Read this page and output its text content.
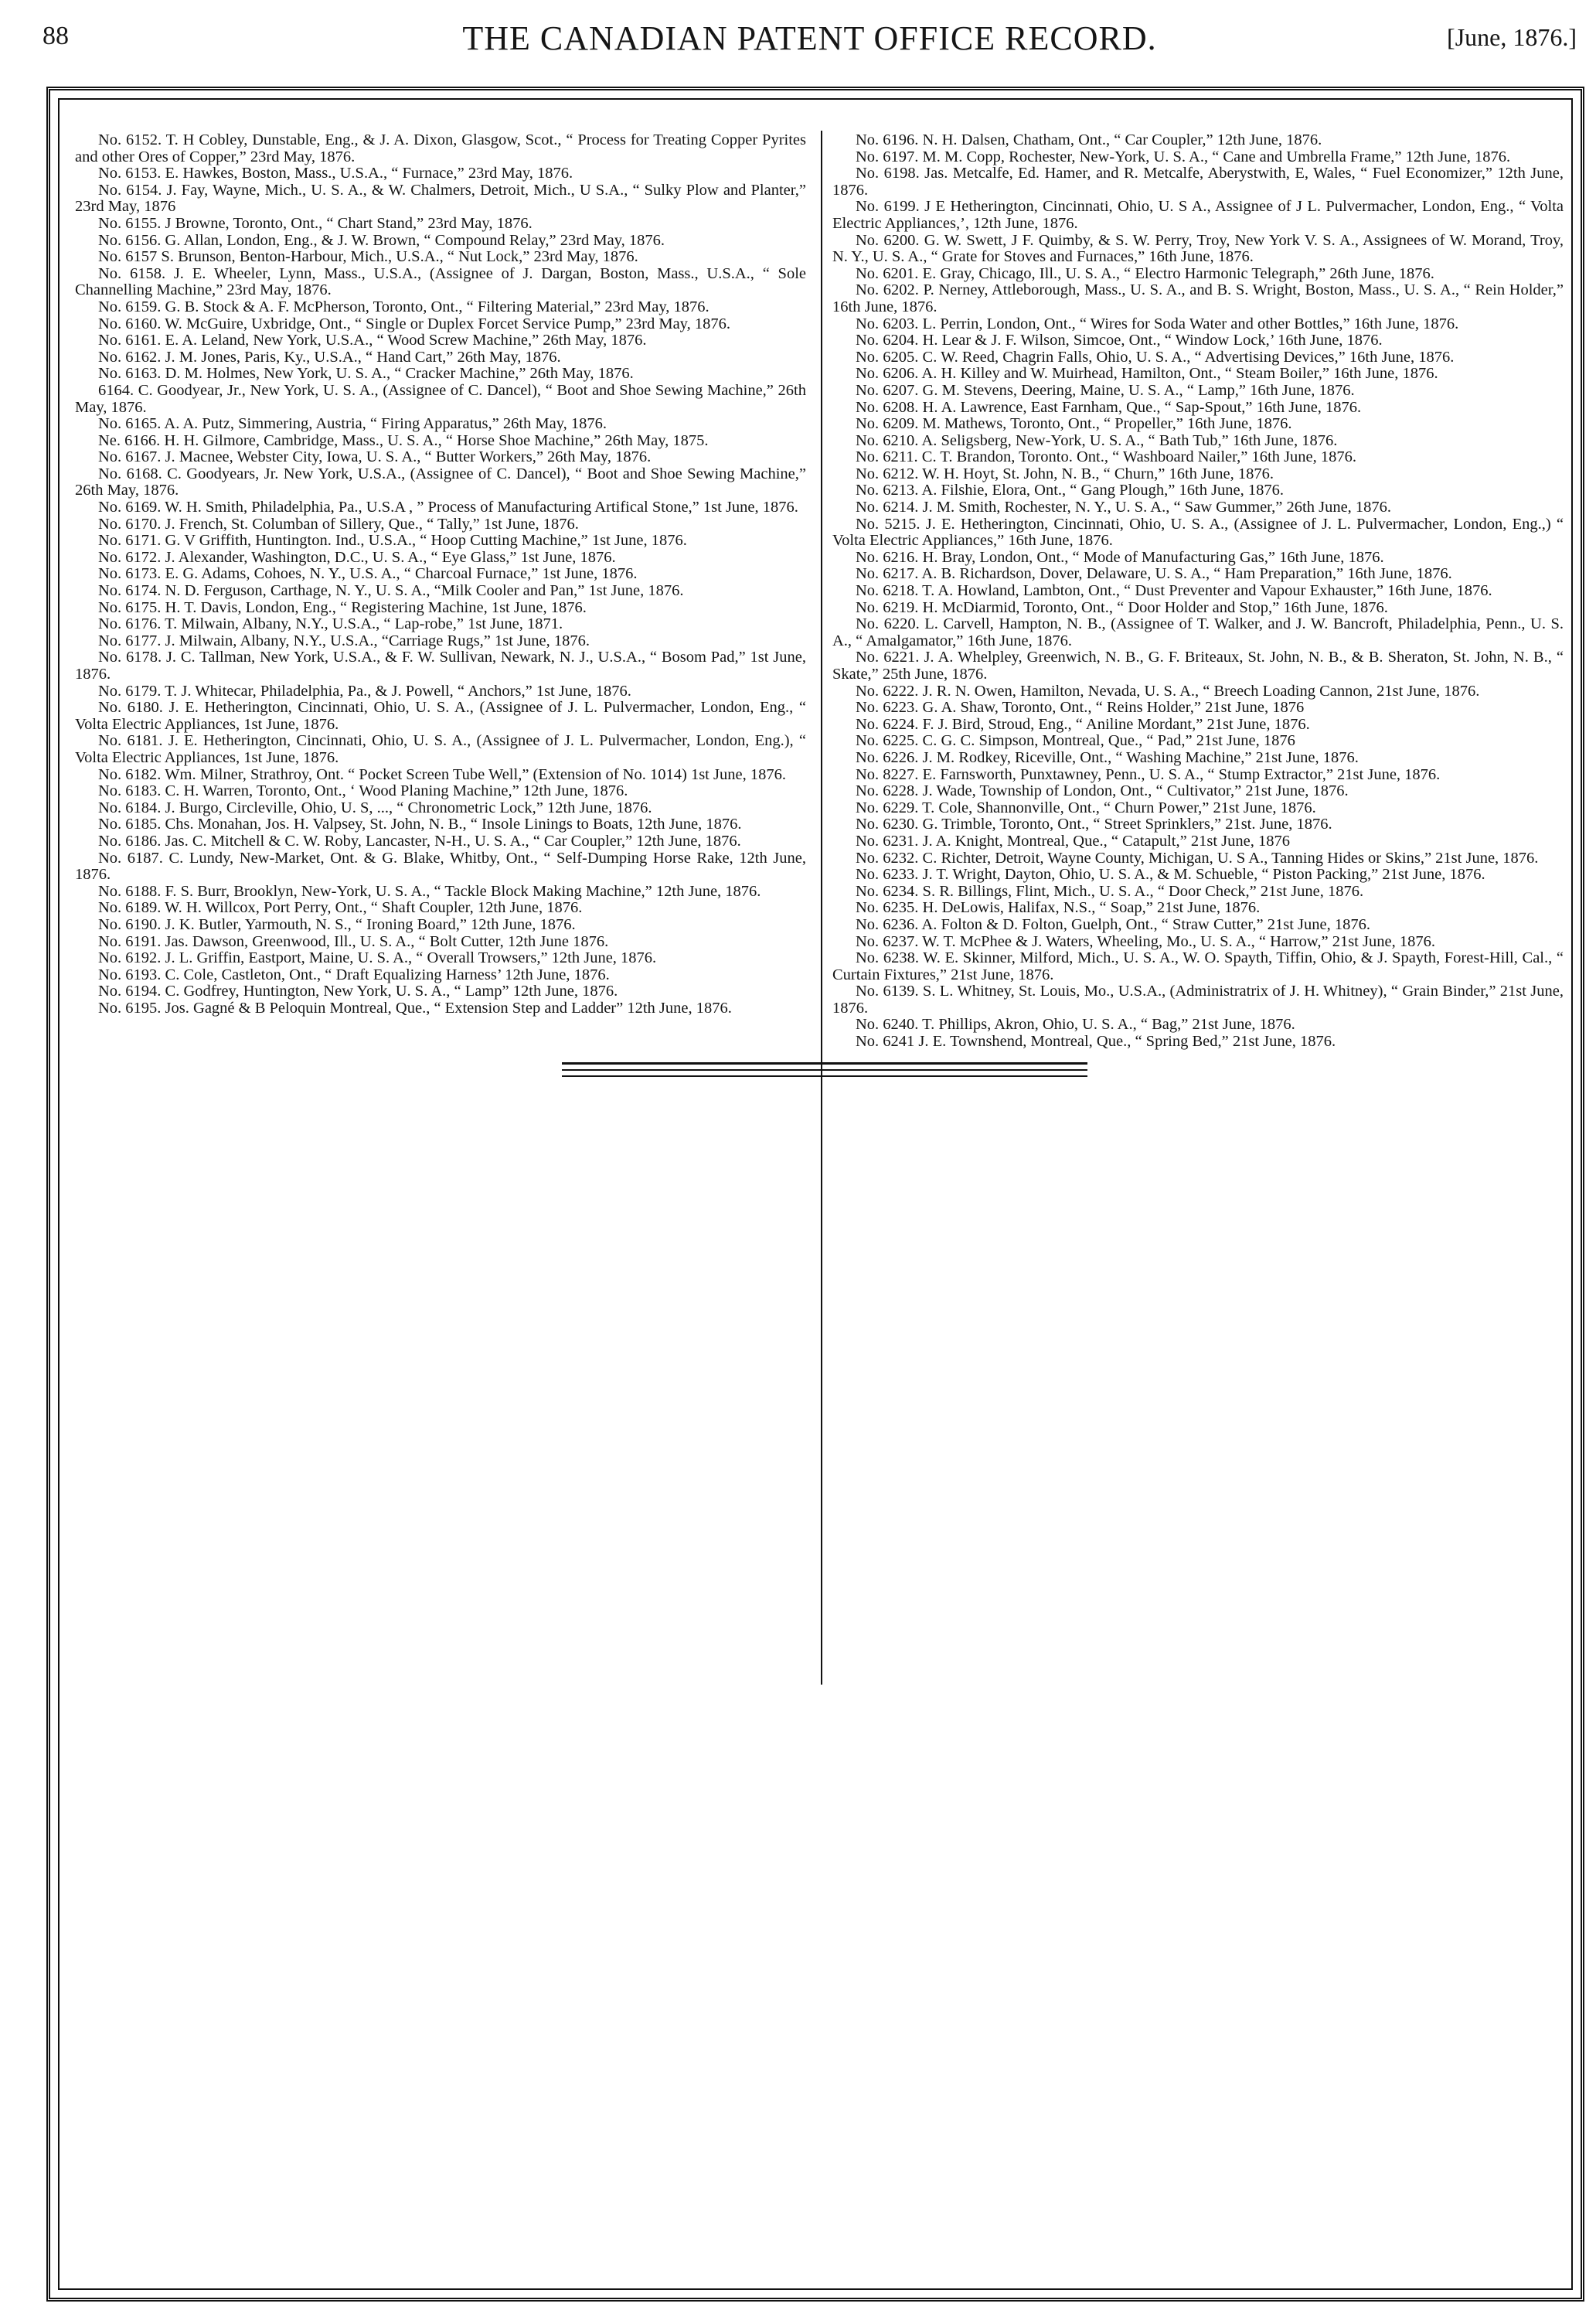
88	THE CANADIAN PATENT OFFICE RECORD.	[June, 1876.]

No. 6152. T. H Cobley, Dunstable, Eng., & J. A. Dixon, Glasgow, Scot., “ Process for Treating Copper Pyrites and other Ores of Copper,” 23rd May, 1876.

No. 6153. E. Hawkes, Boston, Mass., U.S.A., “ Furnace,” 23rd May, 1876.

No. 6154. J. Fay, Wayne, Mich., U. S. A., & W. Chalmers, Detroit, Mich., U S.A., “ Sulky Plow and Planter,” 23rd May, 1876

No. 6155. J Browne, Toronto, Ont., “ Chart Stand,” 23rd May, 1876.

No. 6156. G. Allan, London, Eng., & J. W. Brown, “ Compound Relay,” 23rd May, 1876.

No. 6157 S. Brunson, Benton-Harbour, Mich., U.S.A., “ Nut Lock,” 23rd May, 1876.

No. 6158. J. E. Wheeler, Lynn, Mass., U.S.A., (Assignee of J. Dargan, Boston, Mass., U.S.A., “ Sole Channelling Machine,” 23rd May, 1876.

No. 6159. G. B. Stock & A. F. McPherson, Toronto, Ont., “ Filtering Material,” 23rd May, 1876.

No. 6160. W. McGuire, Uxbridge, Ont., “ Single or Duplex Forcet Service Pump,” 23rd May, 1876.

No. 6161. E. A. Leland, New York, U.S.A., “ Wood Screw Machine,” 26th May, 1876.

No. 6162. J. M. Jones, Paris, Ky., U.S.A., “ Hand Cart,” 26th May, 1876.

No. 6163. D. M. Holmes, New York, U. S. A., “ Cracker Machine,” 26th May, 1876.

6164. C. Goodyear, Jr., New York, U. S. A., (Assignee of C. Dancel), “ Boot and Shoe Sewing Machine,” 26th May, 1876.

No. 6165. A. A. Putz, Simmering, Austria, “ Firing Apparatus,” 26th May, 1876.

Ne. 6166. H. H. Gilmore, Cambridge, Mass., U. S. A., “ Horse Shoe Machine,” 26th May, 1875.

No. 6167. J. Macnee, Webster City, Iowa, U. S. A., “ Butter Workers,” 26th May, 1876.

No. 6168. C. Goodyears, Jr. New York, U.S.A., (Assignee of C. Dancel), “ Boot and Shoe Sewing Machine,” 26th May, 1876.

No. 6169. W. H. Smith, Philadelphia, Pa., U.S.A , ” Process of Manufacturing Artifical Stone,” 1st June, 1876.

No. 6170. J. French, St. Columban of Sillery, Que., “ Tally,” 1st June, 1876.

No. 6171. G. V Griffith, Huntington. Ind., U.S.A., “ Hoop Cutting Machine,” 1st June, 1876.

No. 6172. J. Alexander, Washington, D.C., U. S. A., “ Eye Glass,” 1st June, 1876.

No. 6173. E. G. Adams, Cohoes, N. Y., U.S. A., “ Charcoal Furnace,” 1st June, 1876.

No. 6174. N. D. Ferguson, Carthage, N. Y., U. S. A., “Milk Cooler and Pan,” 1st June, 1876.

No. 6175. H. T. Davis, London, Eng., “ Registering Machine, 1st June, 1876.

No. 6176. T. Milwain, Albany, N.Y., U.S.A., “ Lap-robe,” 1st June, 1871.

No. 6177. J. Milwain, Albany, N.Y., U.S.A., “Carriage Rugs,” 1st June, 1876.

No. 6178. J. C. Tallman, New York, U.S.A., & F. W. Sullivan, Newark, N. J., U.S.A., “ Bosom Pad,” 1st June, 1876.

No. 6179. T. J. Whitecar, Philadelphia, Pa., & J. Powell, “ Anchors,” 1st June, 1876.

No. 6180. J. E. Hetherington, Cincinnati, Ohio, U. S. A., (Assignee of J. L. Pulvermacher, London, Eng., “ Volta Electric Appliances, 1st June, 1876.

No. 6181. J. E. Hetherington, Cincinnati, Ohio, U. S. A., (Assignee of J. L. Pulvermacher, London, Eng.), “ Volta Electric Appliances, 1st June, 1876.

No. 6182. Wm. Milner, Strathroy, Ont. “ Pocket Screen Tube Well,” (Extension of No. 1014) 1st June, 1876.

No. 6183. C. H. Warren, Toronto, Ont., ‘ Wood Planing Machine,” 12th June, 1876.

No. 6184. J. Burgo, Circleville, Ohio, U. S, ..., “ Chronometric Lock,” 12th June, 1876.

No. 6185. Chs. Monahan, Jos. H. Valpsey, St. John, N. B., “ Insole Linings to Boats, 12th June, 1876.

No. 6186. Jas. C. Mitchell & C. W. Roby, Lancaster, N-H., U. S. A., “ Car Coupler,” 12th June, 1876.

No. 6187. C. Lundy, New-Market, Ont. & G. Blake, Whitby, Ont., “ Self-Dumping Horse Rake, 12th June, 1876.

No. 6188. F. S. Burr, Brooklyn, New-York, U. S. A., “ Tackle Block Making Machine,” 12th June, 1876.

No. 6189. W. H. Willcox, Port Perry, Ont., “ Shaft Coupler, 12th June, 1876.

No. 6190. J. K. Butler, Yarmouth, N. S., “ Ironing Board,” 12th June, 1876.

No. 6191. Jas. Dawson, Greenwood, Ill., U. S. A., “ Bolt Cutter, 12th June 1876.

No. 6192. J. L. Griffin, Eastport, Maine, U. S. A., “ Overall Trowsers,” 12th June, 1876.

No. 6193. C. Cole, Castleton, Ont., “ Draft Equalizing Harness’ 12th June, 1876.

No. 6194. C. Godfrey, Huntington, New York, U. S. A., “ Lamp” 12th June, 1876.

No. 6195. Jos. Gagné & B Peloquin Montreal, Que., “ Extension Step and Ladder” 12th June, 1876.

No. 6196. N. H. Dalsen, Chatham, Ont., “ Car Coupler,” 12th June, 1876.

No. 6197. M. M. Copp, Rochester, New-York, U. S. A., “ Cane and Umbrella Frame,” 12th June, 1876.

No. 6198. Jas. Metcalfe, Ed. Hamer, and R. Metcalfe, Aberystwith, E, Wales, “ Fuel Economizer,” 12th June, 1876.

No. 6199. J E Hetherington, Cincinnati, Ohio, U. S A., Assignee of J L. Pulvermacher, London, Eng., “ Volta Electric Appliances,’, 12th June, 1876.

No. 6200. G. W. Swett, J F. Quimby, & S. W. Perry, Troy, New York V. S. A., Assignees of W. Morand, Troy, N. Y., U. S. A., “ Grate for Stoves and Furnaces,” 16th June, 1876.

No. 6201. E. Gray, Chicago, Ill., U. S. A., “ Electro Harmonic Telegraph,” 26th June, 1876.

No. 6202. P. Nerney, Attleborough, Mass., U. S. A., and B. S. Wright, Boston, Mass., U. S. A., “ Rein Holder,” 16th June, 1876.

No. 6203. L. Perrin, London, Ont., “ Wires for Soda Water and other Bottles,” 16th June, 1876.

No. 6204. H. Lear & J. F. Wilson, Simcoe, Ont., “ Window Lock,’ 16th June, 1876.

No. 6205. C. W. Reed, Chagrin Falls, Ohio, U. S. A., “ Advertising Devices,” 16th June, 1876.

No. 6206. A. H. Killey and W. Muirhead, Hamilton, Ont., “ Steam Boiler,” 16th June, 1876.

No. 6207. G. M. Stevens, Deering, Maine, U. S. A., “ Lamp,” 16th June, 1876.

No. 6208. H. A. Lawrence, East Farnham, Que., “ Sap-Spout,” 16th June, 1876.

No. 6209. M. Mathews, Toronto, Ont., “ Propeller,” 16th June, 1876.

No. 6210. A. Seligsberg, New-York, U. S. A., “ Bath Tub,” 16th June, 1876.

No. 6211. C. T. Brandon, Toronto. Ont., “ Washboard Nailer,” 16th June, 1876.

No. 6212. W. H. Hoyt, St. John, N. B., “ Churn,” 16th June, 1876.

No. 6213. A. Filshie, Elora, Ont., “ Gang Plough,” 16th June, 1876.

No. 6214. J. M. Smith, Rochester, N. Y., U. S. A., “ Saw Gummer,” 26th June, 1876.

No. 5215. J. E. Hetherington, Cincinnati, Ohio, U. S. A., (Assignee of J. L. Pulvermacher, London, Eng.,) “ Volta Electric Appliances,” 16th June, 1876.

No. 6216. H. Bray, London, Ont., “ Mode of Manufacturing Gas,” 16th June, 1876.

No. 6217. A. B. Richardson, Dover, Delaware, U. S. A., “ Ham Preparation,” 16th June, 1876.

No. 6218. T. A. Howland, Lambton, Ont., “ Dust Preventer and Vapour Exhauster,” 16th June, 1876.

No. 6219. H. McDiarmid, Toronto, Ont., “ Door Holder and Stop,” 16th June, 1876.

No. 6220. L. Carvell, Hampton, N. B., (Assignee of T. Walker, and J. W. Bancroft, Philadelphia, Penn., U. S. A., “ Amalgamator,” 16th June, 1876.

No. 6221. J. A. Whelpley, Greenwich, N. B., G. F. Briteaux, St. John, N. B., & B. Sheraton, St. John, N. B., “ Skate,” 25th June, 1876.

No. 6222. J. R. N. Owen, Hamilton, Nevada, U. S. A., “ Breech Loading Cannon, 21st June, 1876.

No. 6223. G. A. Shaw, Toronto, Ont., “ Reins Holder,” 21st June, 1876

No. 6224. F. J. Bird, Stroud, Eng., “ Aniline Mordant,” 21st June, 1876.

No. 6225. C. G. C. Simpson, Montreal, Que., “ Pad,” 21st June, 1876

No. 6226. J. M. Rodkey, Riceville, Ont., “ Washing Machine,” 21st June, 1876.

No. 8227. E. Farnsworth, Punxtawney, Penn., U. S. A., “ Stump Extractor,” 21st June, 1876.

No. 6228. J. Wade, Township of London, Ont., “ Cultivator,” 21st June, 1876.

No. 6229. T. Cole, Shannonville, Ont., “ Churn Power,” 21st June, 1876.

No. 6230. G. Trimble, Toronto, Ont., “ Street Sprinklers,” 21st. June, 1876.

No. 6231. J. A. Knight, Montreal, Que., “ Catapult,” 21st June, 1876

No. 6232. C. Richter, Detroit, Wayne County, Michigan, U. S A., Tanning Hides or Skins,” 21st June, 1876.

No. 6233. J. T. Wright, Dayton, Ohio, U. S. A., & M. Schueble, “ Piston Packing,” 21st June, 1876.

No. 6234. S. R. Billings, Flint, Mich., U. S. A., “ Door Check,” 21st June, 1876.

No. 6235. H. DeLowis, Halifax, N.S., “ Soap,” 21st June, 1876.

No. 6236. A. Folton & D. Folton, Guelph, Ont., “ Straw Cutter,” 21st June, 1876.

No. 6237. W. T. McPhee & J. Waters, Wheeling, Mo., U. S. A., “ Harrow,” 21st June, 1876.

No. 6238. W. E. Skinner, Milford, Mich., U. S. A., W. O. Spayth, Tiffin, Ohio, & J. Spayth, Forest-Hill, Cal., “ Curtain Fixtures,” 21st June, 1876.

No. 6139. S. L. Whitney, St. Louis, Mo., U.S.A., (Administratrix of J. H. Whitney), “ Grain Binder,” 21st June, 1876.

No. 6240. T. Phillips, Akron, Ohio, U. S. A., “ Bag,” 21st June, 1876.

No. 6241 J. E. Townshend, Montreal, Que., “ Spring Bed,” 21st June, 1876.
